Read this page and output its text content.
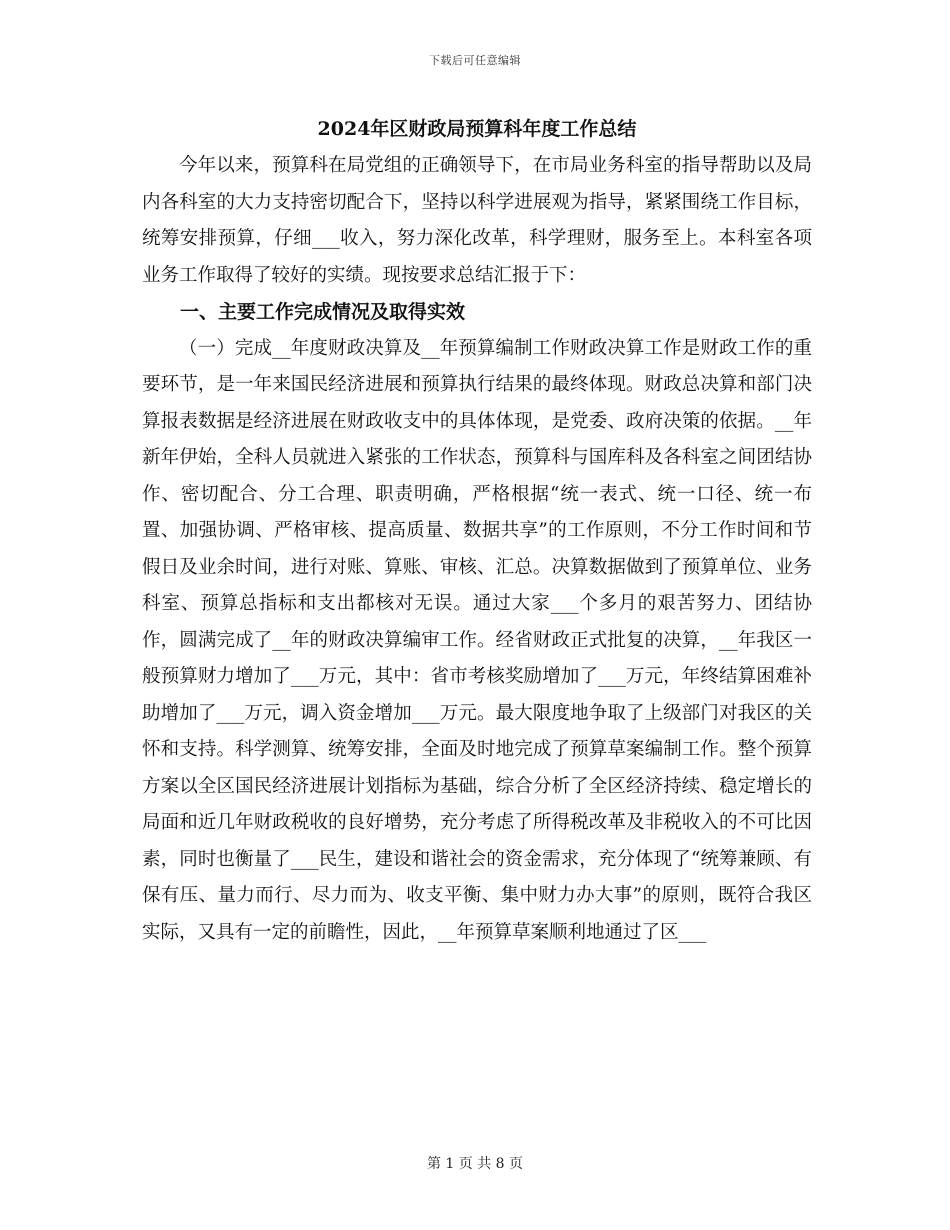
下载后可任意编辑
2024年区财政局预算科年度工作总结

今年以来，预算科在局党组的正确领导下，在市局业务科室的指导帮助以及局内各科室的大力支持密切配合下，坚持以科学进展观为指导，紧紧围绕工作目标，统筹安排预算，仔细___收入，努力深化改革，科学理财，服务至上。本科室各项业务工作取得了较好的实绩。现按要求总结汇报于下：

一、主要工作完成情况及取得实效

（一）完成__年度财政决算及__年预算编制工作财政决算工作是财政工作的重要环节，是一年来国民经济进展和预算执行结果的最终体现。财政总决算和部门决算报表数据是经济进展在财政收支中的具体体现，是党委、政府决策的依据。__年新年伊始，全科人员就进入紧张的工作状态，预算科与国库科及各科室之间团结协作、密切配合、分工合理、职责明确，严格根据“统一表式、统一口径、统一布置、加强协调、严格审核、提高质量、数据共享”的工作原则，不分工作时间和节假日及业余时间，进行对账、算账、审核、汇总。决算数据做到了预算单位、业务科室、预算总指标和支出都核对无误。通过大家___个多月的艰苦努力、团结协作，圆满完成了__年的财政决算编审工作。经省财政正式批复的决算，__年我区一般预算财力增加了___万元，其中：省市考核奖励增加了___万元，年终结算困难补助增加了___万元，调入资金增加___万元。最大限度地争取了上级部门对我区的关怀和支持。科学测算、统筹安排，全面及时地完成了预算草案编制工作。整个预算方案以全区国民经济进展计划指标为基础，综合分析了全区经济持续、稳定增长的局面和近几年财政税收的良好增势，充分考虑了所得税改革及非税收入的不可比因素，同时也衡量了___民生，建设和谐社会的资金需求，充分体现了“统筹兼顾、有保有压、量力而行、尽力而为、收支平衡、集中财力办大事”的原则，既符合我区实际，又具有一定的前瞻性，因此，__年预算草案顺利地通过了区___

第 1 页 共 8 页
